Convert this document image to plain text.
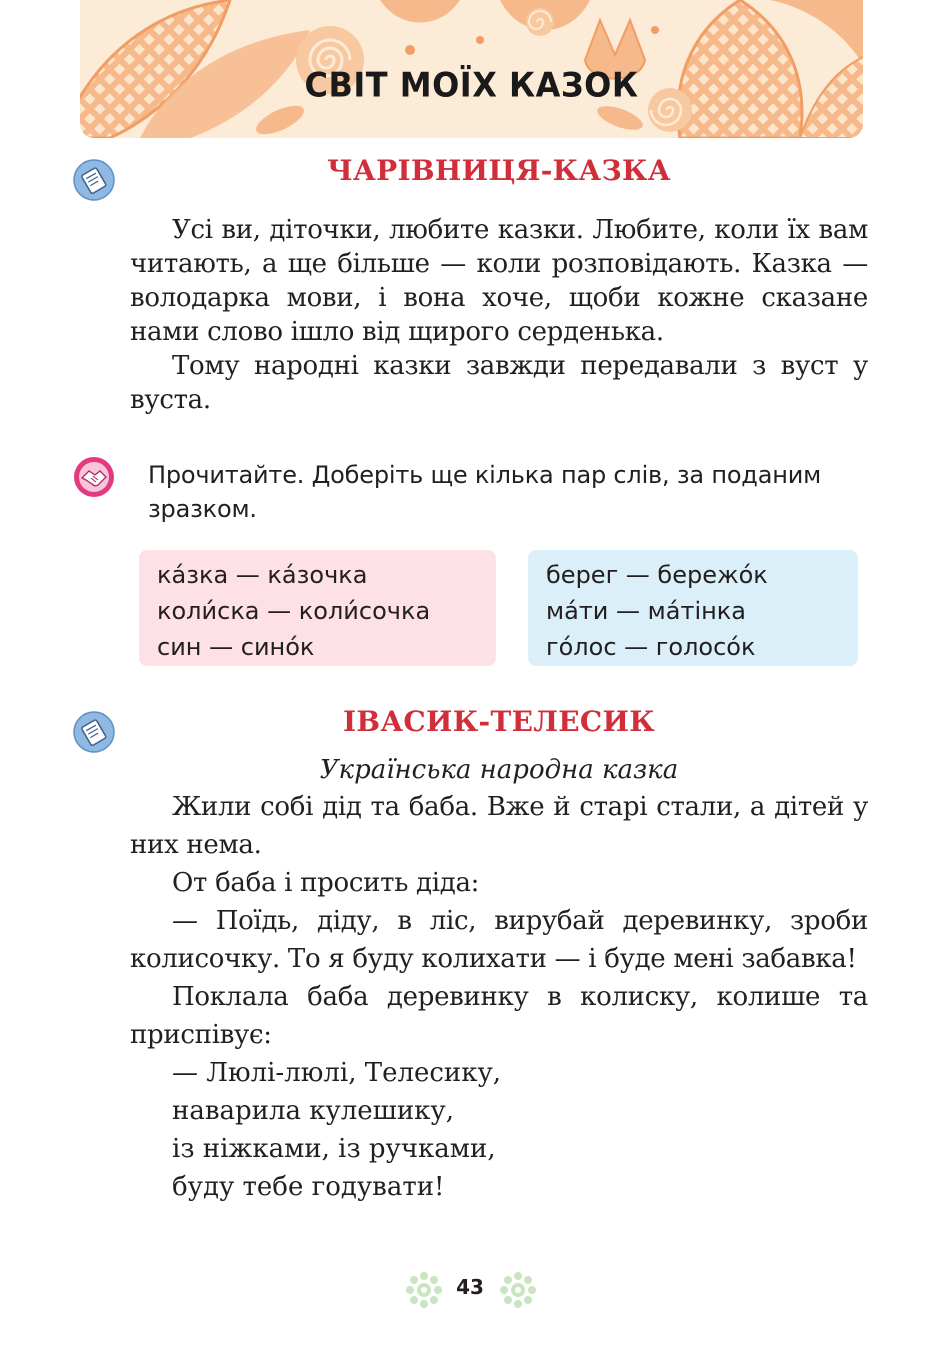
СВІТ МОЇХ КАЗОК
ЧАРІВНИЦЯ-КАЗКА

Усі ви, діточки, любите казки. Любите, коли їх вам читають, а ще більше — коли розповідають. Казка — володарка мови, і вона хоче, щоби кожне сказане нами слово ішло від щирого серденька.

Тому народні казки завжди передавали з вуст у вуста.

Прочитайте. Доберіть ще кілька пар слів, за поданим зразком.
ка́зка — ка́зочка
коли́ска — коли́сочка
син — сино́к
берег — бережо́к
ма́ти — ма́тінка
го́лос — голосо́к
ІВАСИК-ТЕЛЕСИК
Українська народна казка

Жили собі дід та баба. Вже й старі стали, а дітей у них нема.

От баба і просить діда:

— Поїдь, діду, в ліс, вирубай деревинку, зроби колисочку. То я буду колихати — і буде мені забавка!

Поклала баба деревинку в колиску, колише та приспівує:

— Люлі-люлі, Телесику,

наварила кулешику,

із ніжками, із ручками,

буду тебе годувати!

43
